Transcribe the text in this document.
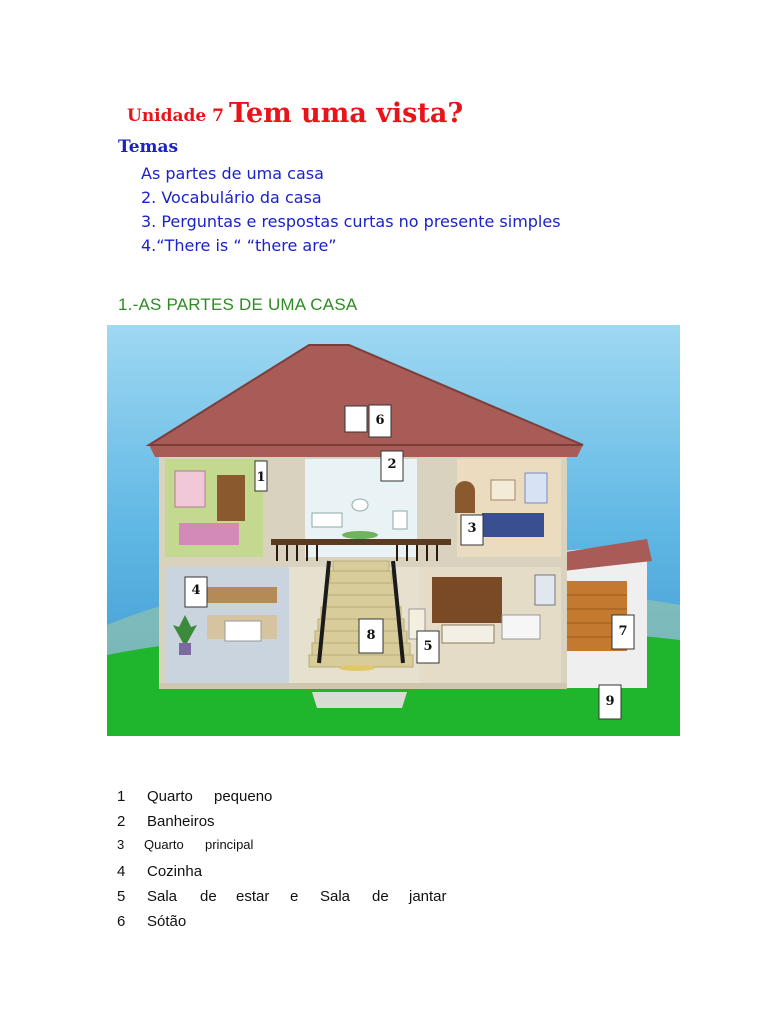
Unidade 7 Tem uma vista?
Temas
As partes de uma casa
2. Vocabulário da casa
3. Perguntas e respostas curtas no presente simples
4.“There is “ “there are”
1.-AS PARTES DE UMA CASA
1
2
3
4
5
6
7
8
9
1 Quarto pequeno
2 Banheiros
3 Quarto principal
4 Cozinha
5 Sala de estar e Sala de jantar
6 Sótão
